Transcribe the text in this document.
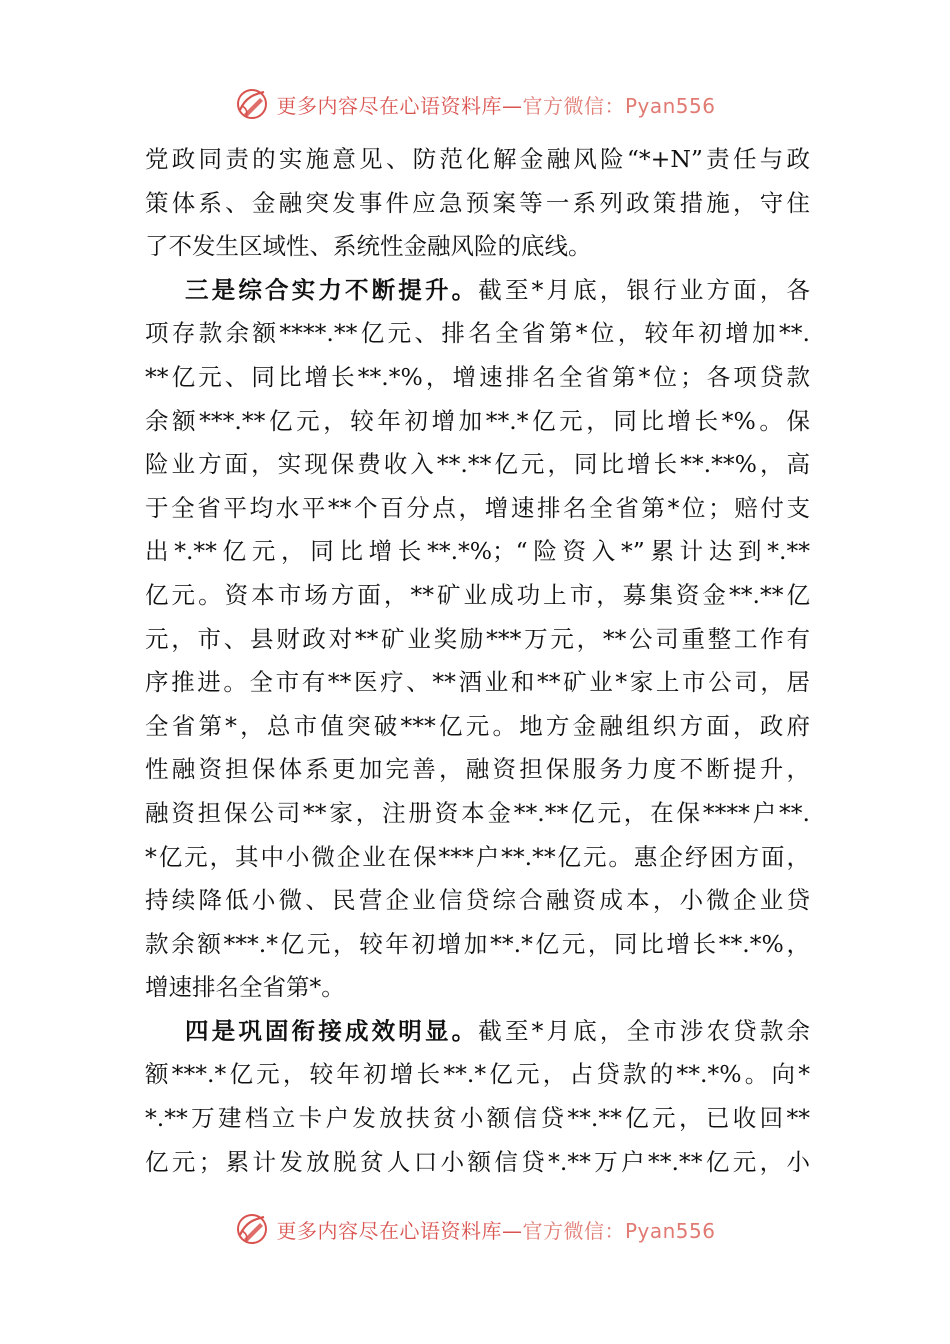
更多内容尽在心语资料库—官方微信：Pyan556
党政同责的实施意见、防范化解金融风险“*+N”责任与政
策体系、金融突发事件应急预案等一系列政策措施，守住
了不发生区域性、系统性金融风险的底线。
三是综合实力不断提升。截至*月底，银行业方面，各
项存款余额****.**亿元、排名全省第*位，较年初增加**.
**亿元、同比增长**.*%，增速排名全省第*位；各项贷款
余额***.**亿元，较年初增加**.*亿元，同比增长*%。保
险业方面，实现保费收入**.**亿元，同比增长**.**%，高
于全省平均水平**个百分点，增速排名全省第*位；赔付支
出*.**亿元，同比增长**.*%；“险资入*”累计达到*.**
亿元。资本市场方面，**矿业成功上市，募集资金**.**亿
元，市、县财政对**矿业奖励***万元，**公司重整工作有
序推进。全市有**医疗、**酒业和**矿业*家上市公司，居
全省第*，总市值突破***亿元。地方金融组织方面，政府
性融资担保体系更加完善，融资担保服务力度不断提升，
融资担保公司**家，注册资本金**.**亿元，在保****户**.
*亿元，其中小微企业在保***户**.**亿元。惠企纾困方面，
持续降低小微、民营企业信贷综合融资成本，小微企业贷
款余额***.*亿元，较年初增加**.*亿元，同比增长**.*%，
增速排名全省第*。
四是巩固衔接成效明显。截至*月底，全市涉农贷款余
额***.*亿元，较年初增长**.*亿元，占贷款的**.*%。向*
*.**万建档立卡户发放扶贫小额信贷**.**亿元，已收回**
亿元；累计发放脱贫人口小额信贷*.**万户**.**亿元，小
更多内容尽在心语资料库—官方微信：Pyan556
